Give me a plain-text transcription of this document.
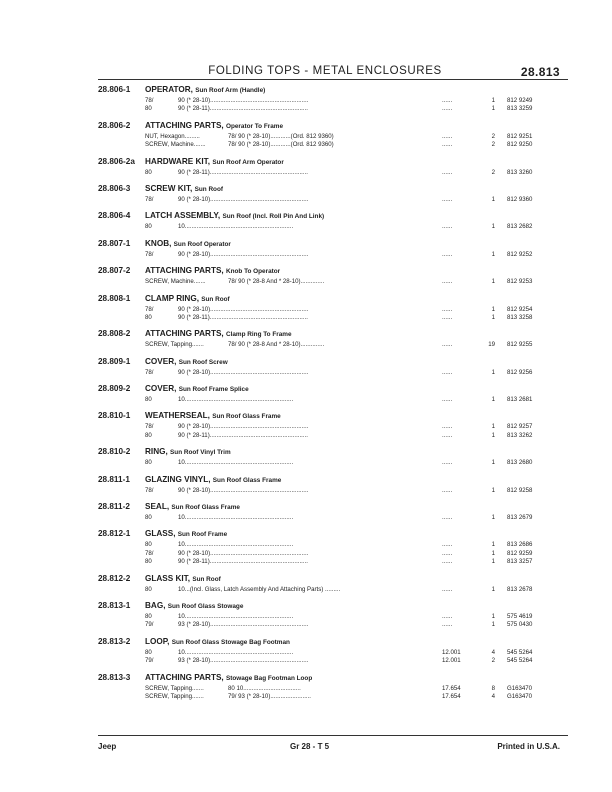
FOLDING TOPS - METAL ENCLOSURES	28.813
28.806-1 OPERATOR, Sun Roof Arm (Handle)
78/	90 (* 28-10)..........................................................	......	1 812 9249
80	90 (* 28-11)..........................................................	......	1 813 3259
28.806-2 ATTACHING PARTS, Operator To Frame
NUT, Hexagon.........	78/ 90 (* 28-10)............(Ord. 812 9360)	......	2 812 9251
SCREW, Machine.......	78/ 90 (* 28-10)............(Ord. 812 9360)	......	2 812 9250
28.806-2a HARDWARE KIT, Sun Roof Arm Operator
80	90 (* 28-11)..........................................................	......	2 813 3260
28.806-3 SCREW KIT, Sun Roof
78/	90 (* 28-10)..........................................................	......	1 812 9360
28.806-4 LATCH ASSEMBLY, Sun Roof (Incl. Roll Pin And Link)
80	10................................................................	......	1 813 2682
28.807-1 KNOB, Sun Roof Operator
78/	90 (* 28-10)..........................................................	......	1 812 9252
28.807-2 ATTACHING PARTS, Knob To Operator
SCREW, Machine.......	78/ 90 (* 28-8 And * 28-10)..............	......	1 812 9253
28.808-1 CLAMP RING, Sun Roof
78/	90 (* 28-10)..........................................................	......	1 812 9254
80	90 (* 28-11)..........................................................	......	1 813 3258
28.808-2 ATTACHING PARTS, Clamp Ring To Frame
SCREW, Tapping.......	78/ 90 (* 28-8 And * 28-10)..............	......	19 812 9255
28.809-1 COVER, Sun Roof Screw
78/	90 (* 28-10)..........................................................	......	1 812 9256
28.809-2 COVER, Sun Roof Frame Splice
80	10................................................................	......	1 813 2681
28.810-1 WEATHERSEAL, Sun Roof Glass Frame
78/	90 (* 28-10)..........................................................	......	1 812 9257
80	90 (* 28-11)..........................................................	......	1 813 3262
28.810-2 RING, Sun Roof Vinyl Trim
80	10................................................................	......	1 813 2680
28.811-1 GLAZING VINYL, Sun Roof Glass Frame
78/	90 (* 28-10)..........................................................	......	1 812 9258
28.811-2 SEAL, Sun Roof Glass Frame
80	10................................................................	......	1 813 2679
28.812-1 GLASS, Sun Roof Frame
80	10................................................................	......	1 813 2686
78/	90 (* 28-10)..........................................................	......	1 812 9259
80	90 (* 28-11)..........................................................	......	1 813 3257
28.812-2 GLASS KIT, Sun Roof
80	10...(Incl. Glass, Latch Assembly And Attaching Parts) .........	......	1 813 2678
28.813-1 BAG, Sun Roof Glass Stowage
80	10................................................................	......	1 575 4619
79/	93 (* 28-10)..........................................................	......	1 575 0430
28.813-2 LOOP, Sun Roof Glass Stowage Bag Footman
80	10................................................................	12.001	4 545 5264
79/	93 (* 28-10)..........................................................	12.001	2 545 5264
28.813-3 ATTACHING PARTS, Stowage Bag Footman Loop
SCREW, Tapping.......	80 10..................................	17.654	8 G163470
SCREW, Tapping.......	79/ 93 (* 28-10)........................	17.654	4 G163470
Jeep	Gr 28 - T 5	Printed in U.S.A.
